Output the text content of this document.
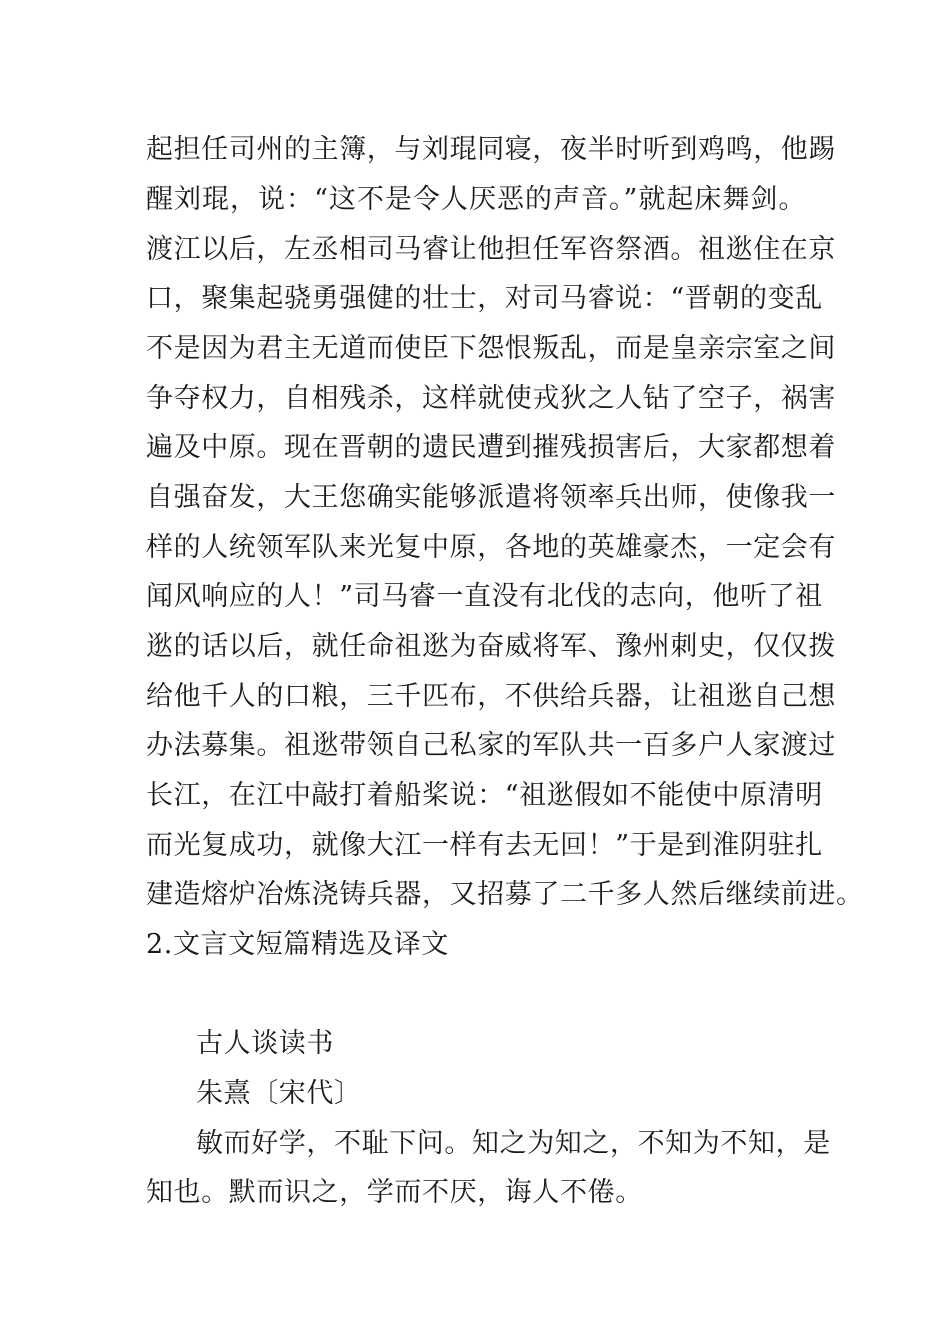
起担任司州的主簿，与刘琨同寝，夜半时听到鸡鸣，他踢
醒刘琨，说：“这不是令人厌恶的声音。”就起床舞剑。
渡江以后，左丞相司马睿让他担任军咨祭酒。祖逖住在京
口，聚集起骁勇强健的壮士，对司马睿说：“晋朝的变乱
不是因为君主无道而使臣下怨恨叛乱，而是皇亲宗室之间
争夺权力，自相残杀，这样就使戎狄之人钻了空子，祸害
遍及中原。现在晋朝的遗民遭到摧残损害后，大家都想着
自强奋发，大王您确实能够派遣将领率兵出师，使像我一
样的人统领军队来光复中原，各地的英雄豪杰，一定会有
闻风响应的人！”司马睿一直没有北伐的志向，他听了祖
逖的话以后，就任命祖逖为奋威将军、豫州刺史，仅仅拨
给他千人的口粮，三千匹布，不供给兵器，让祖逖自己想
办法募集。祖逖带领自己私家的军队共一百多户人家渡过
长江，在江中敲打着船桨说：“祖逖假如不能使中原清明
而光复成功，就像大江一样有去无回！”于是到淮阴驻扎
建造熔炉冶炼浇铸兵器，又招募了二千多人然后继续前进。
2.文言文短篇精选及译文
古人谈读书
朱熹〔宋代〕
敏而好学，不耻下问。知之为知之，不知为不知，是
知也。默而识之，学而不厌，诲人不倦。
